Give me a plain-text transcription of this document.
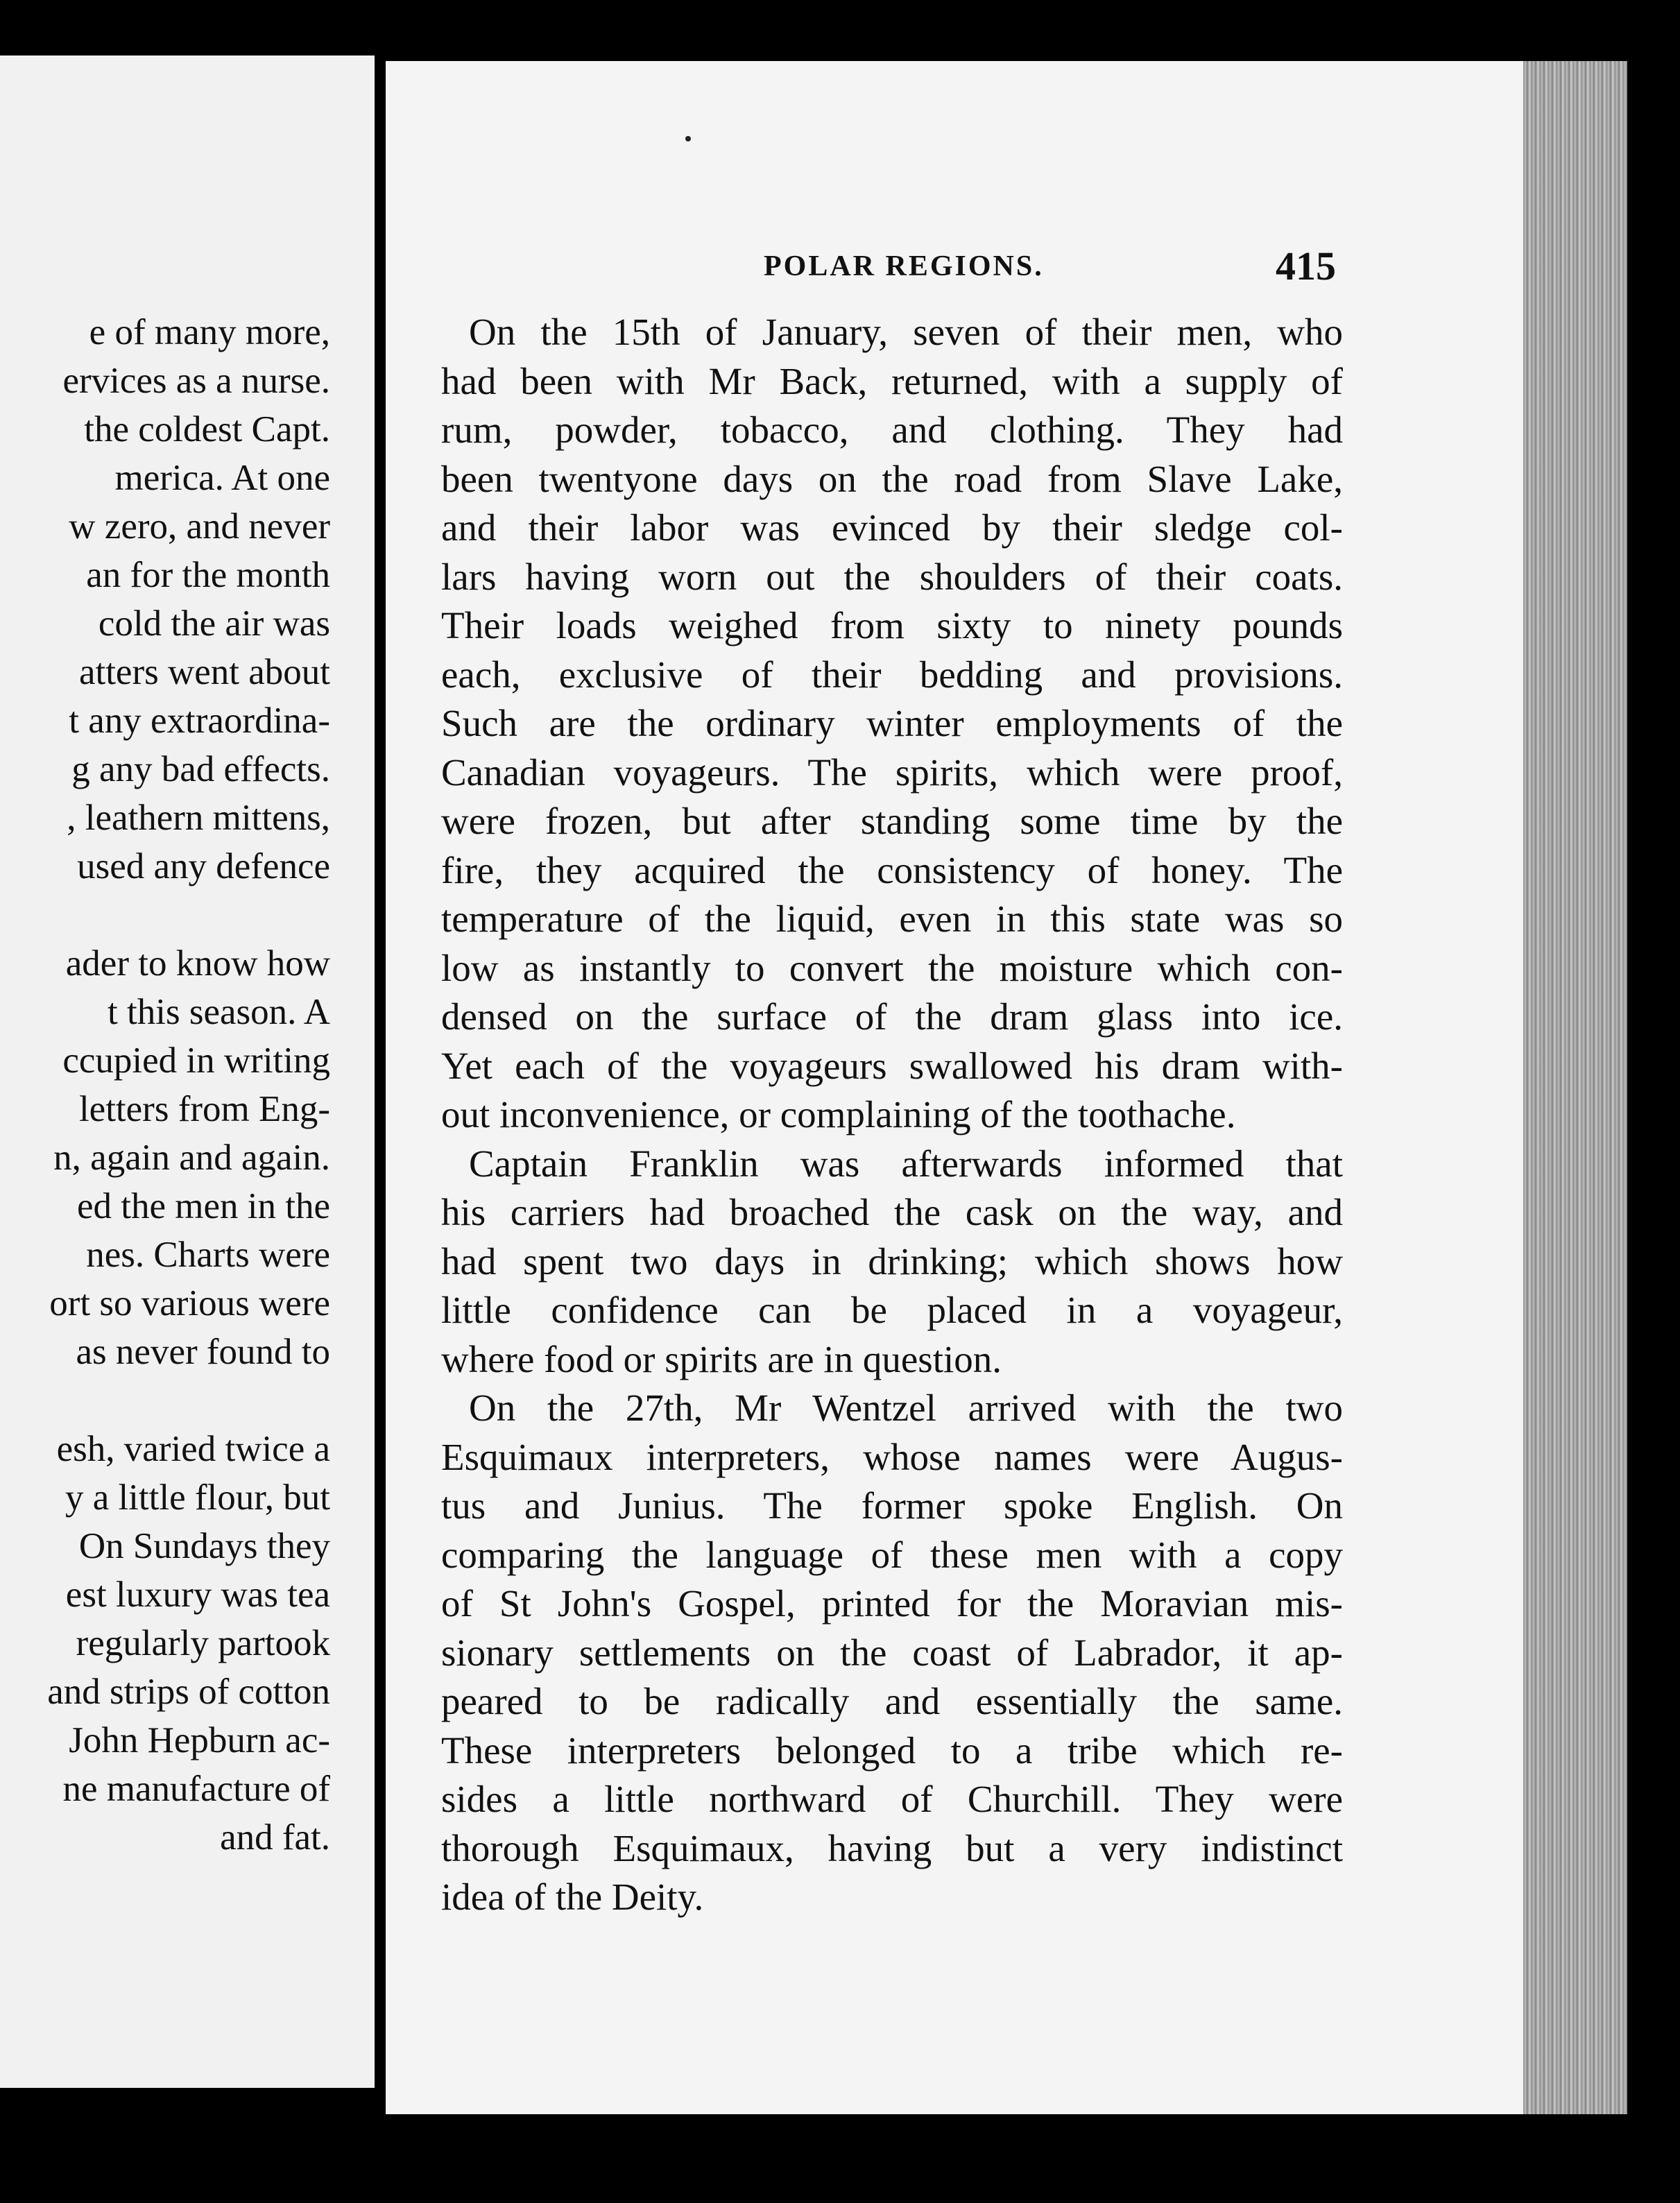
e of many more,
ervices as a nurse.
the coldest Capt.
merica. At one
w zero, and never
an for the month
cold the air was
atters went about
t any extraordina-
g any bad effects.
, leathern mittens,
used any defence
ader to know how
t this season. A
ccupied in writing
letters from Eng-
n, again and again.
ed the men in the
nes. Charts were
ort so various were
as never found to
esh, varied twice a
y a little flour, but
On Sundays they
est luxury was tea
regularly partook
and strips of cotton
John Hepburn ac-
ne manufacture of
and fat.
POLAR REGIONS.	415
On the 15th of January, seven of their men, who
had been with Mr Back, returned, with a supply of
rum, powder, tobacco, and clothing. They had
been twentyone days on the road from Slave Lake,
and their labor was evinced by their sledge col-
lars having worn out the shoulders of their coats.
Their loads weighed from sixty to ninety pounds
each, exclusive of their bedding and provisions.
Such are the ordinary winter employments of the
Canadian voyageurs. The spirits, which were proof,
were frozen, but after standing some time by the
fire, they acquired the consistency of honey. The
temperature of the liquid, even in this state was so
low as instantly to convert the moisture which con-
densed on the surface of the dram glass into ice.
Yet each of the voyageurs swallowed his dram with-
out inconvenience, or complaining of the toothache.
Captain Franklin was afterwards informed that
his carriers had broached the cask on the way, and
had spent two days in drinking; which shows how
little confidence can be placed in a voyageur,
where food or spirits are in question.
On the 27th, Mr Wentzel arrived with the two
Esquimaux interpreters, whose names were Augus-
tus and Junius. The former spoke English. On
comparing the language of these men with a copy
of St John's Gospel, printed for the Moravian mis-
sionary settlements on the coast of Labrador, it ap-
peared to be radically and essentially the same.
These interpreters belonged to a tribe which re-
sides a little northward of Churchill. They were
thorough Esquimaux, having but a very indistinct
idea of the Deity.
